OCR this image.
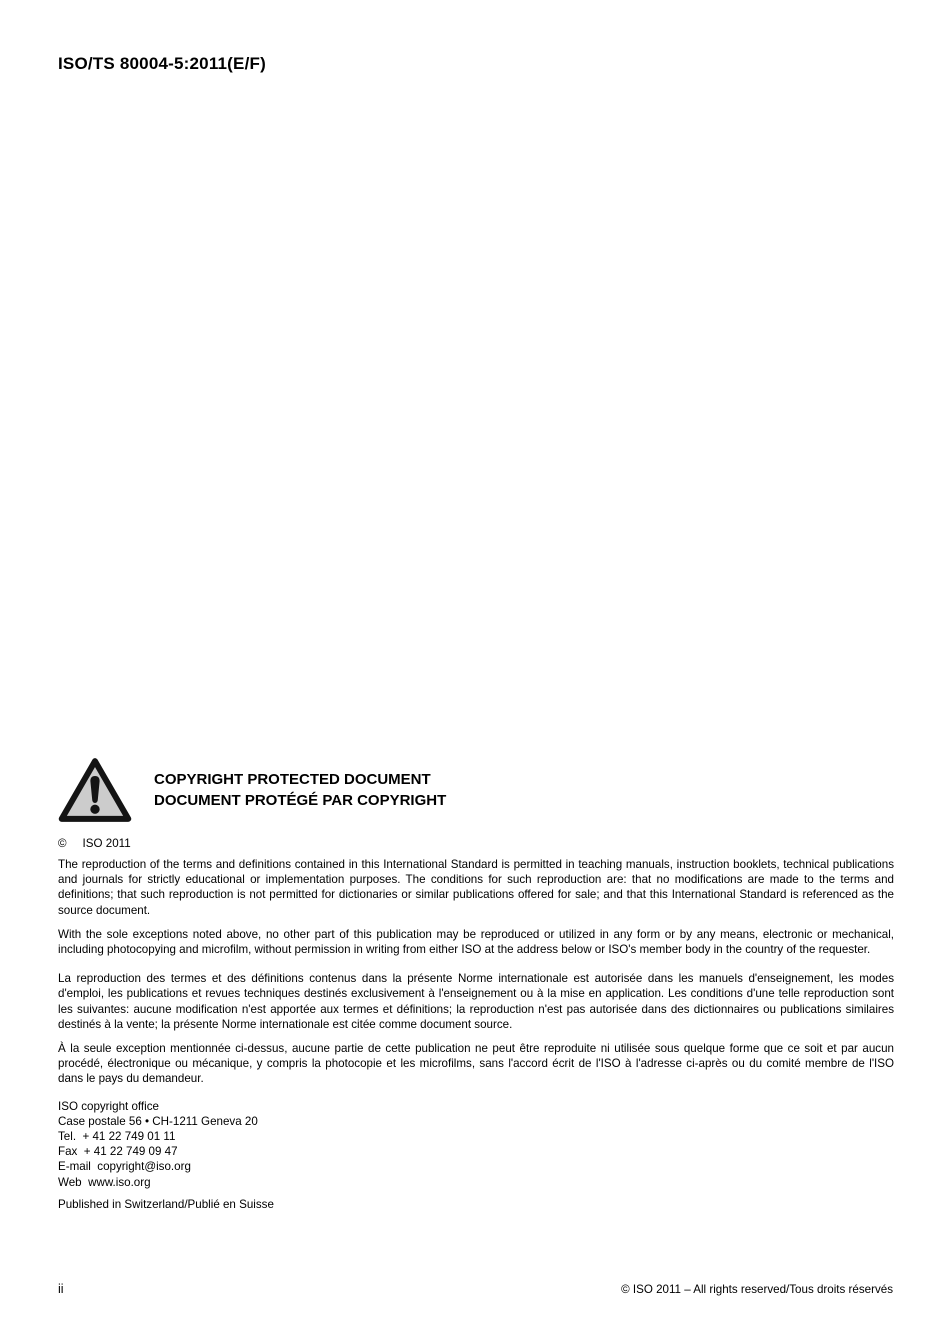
ISO/TS 80004-5:2011(E/F)
COPYRIGHT PROTECTED DOCUMENT
DOCUMENT PROTÉGÉ PAR COPYRIGHT

© ISO 2011

The reproduction of the terms and definitions contained in this International Standard is permitted in teaching manuals, instruction booklets, technical publications and journals for strictly educational or implementation purposes. The conditions for such reproduction are: that no modifications are made to the terms and definitions; that such reproduction is not permitted for dictionaries or similar publications offered for sale; and that this International Standard is referenced as the source document.

With the sole exceptions noted above, no other part of this publication may be reproduced or utilized in any form or by any means, electronic or mechanical, including photocopying and microfilm, without permission in writing from either ISO at the address below or ISO's member body in the country of the requester.

La reproduction des termes et des définitions contenus dans la présente Norme internationale est autorisée dans les manuels d'enseignement, les modes d'emploi, les publications et revues techniques destinés exclusivement à l'enseignement ou à la mise en application. Les conditions d'une telle reproduction sont les suivantes: aucune modification n'est apportée aux termes et définitions; la reproduction n'est pas autorisée dans des dictionnaires ou publications similaires destinés à la vente; la présente Norme internationale est citée comme document source.

À la seule exception mentionnée ci-dessus, aucune partie de cette publication ne peut être reproduite ni utilisée sous quelque forme que ce soit et par aucun procédé, électronique ou mécanique, y compris la photocopie et les microfilms, sans l'accord écrit de l'ISO à l'adresse ci-après ou du comité membre de l'ISO dans le pays du demandeur.

ISO copyright office
Case postale 56 • CH-1211 Geneva 20
Tel.  + 41 22 749 01 11
Fax  + 41 22 749 09 47
E-mail  copyright@iso.org
Web  www.iso.org
Published in Switzerland/Publié en Suisse
ii	© ISO 2011 – All rights reserved/Tous droits réservés
